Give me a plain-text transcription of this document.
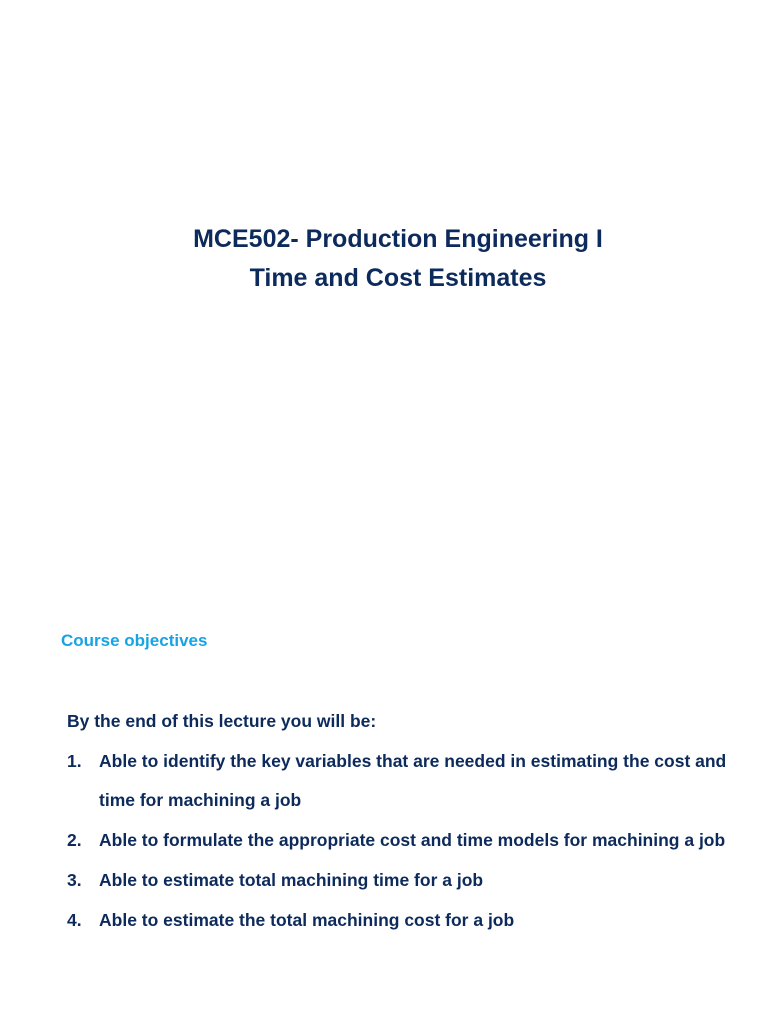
MCE502- Production Engineering I
Time and Cost Estimates
Course objectives
By the end of this lecture you will be:
1. Able to identify the key variables that are needed in estimating the cost and time for machining a job
2. Able to formulate the appropriate cost and time models for machining a job
3. Able to estimate total machining time for a job
4. Able to estimate the total machining cost for a job
